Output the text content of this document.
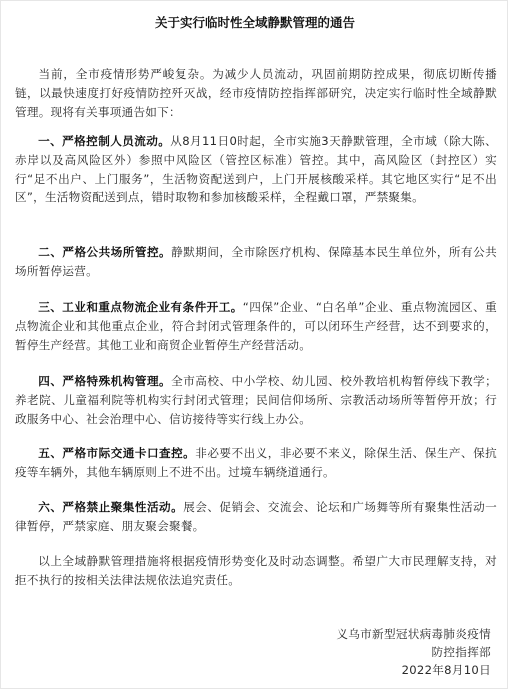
关于实行临时性全域静默管理的通告

当前，全市疫情形势严峻复杂。为减少人员流动，巩固前期防控成果，彻底切断传播链，以最快速度打好疫情防控歼灭战，经市疫情防控指挥部研究，决定实行临时性全域静默管理。现将有关事项通告如下：

一、严格控制人员流动。从8月11日0时起，全市实施3天静默管理，全市域（除大陈、赤岸以及高风险区外）参照中风险区（管控区标准）管控。其中，高风险区（封控区）实行“足不出户、上门服务”，生活物资配送到户，上门开展核酸采样。其它地区实行“足不出区”，生活物资配送到点，错时取物和参加核酸采样，全程戴口罩，严禁聚集。

二、严格公共场所管控。静默期间，全市除医疗机构、保障基本民生单位外，所有公共场所暂停运营。

三、工业和重点物流企业有条件开工。“四保”企业、“白名单”企业、重点物流园区、重点物流企业和其他重点企业，符合封闭式管理条件的，可以闭环生产经营，达不到要求的，暂停生产经营。其他工业和商贸企业暂停生产经营活动。

四、严格特殊机构管理。全市高校、中小学校、幼儿园、校外教培机构暂停线下教学；养老院、儿童福利院等机构实行封闭式管理；民间信仰场所、宗教活动场所等暂停开放；行政服务中心、社会治理中心、信访接待等实行线上办公。

五、严格市际交通卡口查控。非必要不出义，非必要不来义，除保生活、保生产、保抗疫等车辆外，其他车辆原则上不进不出。过境车辆绕道通行。

六、严格禁止聚集性活动。展会、促销会、交流会、论坛和广场舞等所有聚集性活动一律暂停，严禁家庭、朋友聚会聚餐。

以上全域静默管理措施将根据疫情形势变化及时动态调整。希望广大市民理解支持，对拒不执行的按相关法律法规依法追究责任。

义乌市新型冠状病毒肺炎疫情
防控指挥部
2022年8月10日
